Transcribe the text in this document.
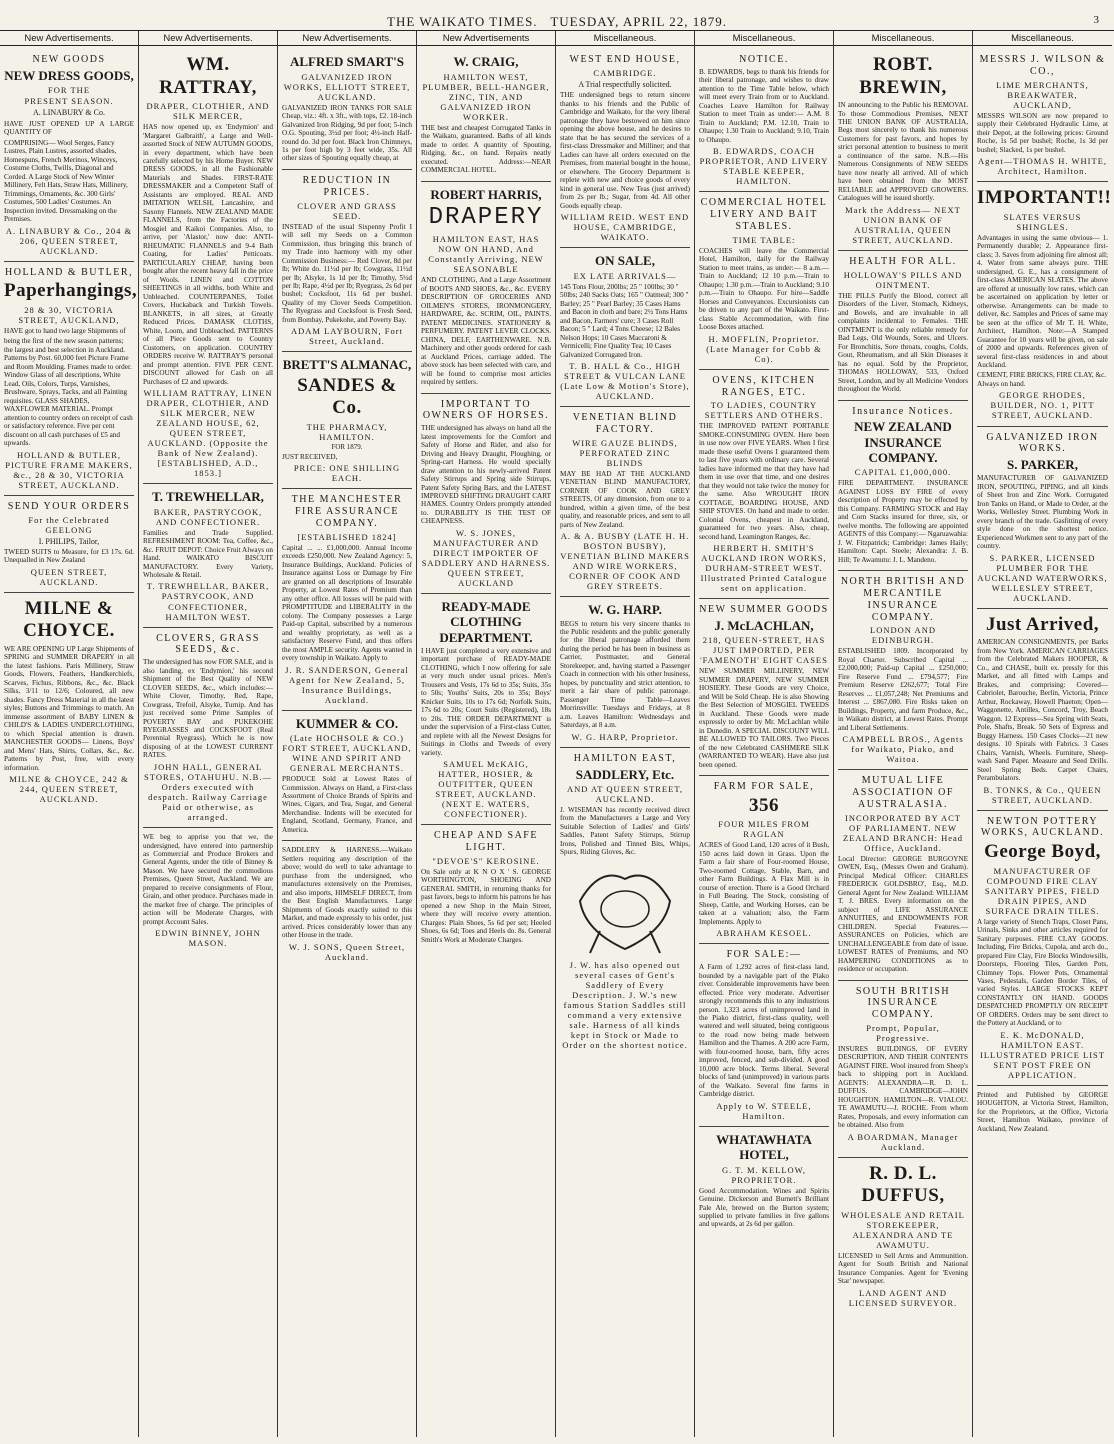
THE WAIKATO TIMES.
TUESDAY, APRIL 22, 1879.	3
New Advertisements.
NEW GOODS
NEW DRESS GOODS,
FOR THE
PRESENT SEASON.
A. LINABURY & Co.
HAVE JUST OPENED UP A LARGE QUANTITY OF
COMPRISING— Wool Serges, Fancy Lustres, Plain Lustres, assorted shades, Homespuns, French Merinos, Winceys, Costume Cloths, Twills, Diagonal and Corded. A Large Stock of New Winter Millinery, Felt Hats, Straw Hats, Millinery, Trimmings, Ornaments, &c. 300 Girls' Costumes, 500 Ladies' Costumes. An Inspection invited. Dressmaking on the Premises.
A. LINABURY & Co., 204 & 206, QUEEN STREET, AUCKLAND.
HOLLAND & BUTLER,
Paperhangings,
28 & 30, VICTORIA STREET, AUCKLAND,
HAVE got to hand two large Shipments of
being the first of the new season patterns; the largest and best selection in Auckland. Patterns by Post. 60,000 feet Picture Frame and Room Moulding. Frames made to order. Window Glass of all descriptions, White Lead, Oils, Colors, Turps, Varnishes, Brushware, Sprays, Tacks, and all Painting requisites. GLASS SHADES, WAXFLOWER MATERIAL. Prompt attention to country orders on receipt of cash or satisfactory reference. Five per cent discount on all cash purchases of £5 and upwards.
HOLLAND & BUTLER, PICTURE FRAME MAKERS, &c., 28 & 30, VICTORIA STREET, AUCKLAND.
SEND YOUR ORDERS
For the Celebrated GEELONG
I. PHILIPS, Tailor,
TWEED SUITS to Measure, for £3 17s. 6d. Unequalled in New Zealand
QUEEN STREET, AUCKLAND.
MILNE & CHOYCE.
WE ARE OPENING UP Large Shipments of SPRING and SUMMER DRAPERY in all the latest fashions. Paris Millinery, Straw Goods, Flowers, Feathers, Handkerchiefs, Scarves, Fichus, Ribbons, &c., &c. Black Silks, 3/11 to 12/6; Coloured, all new shades. Fancy Dress Material in all the latest styles; Buttons and Trimmings to match. An immense assortment of BABY LINEN & CHILD'S & LADIES UNDERCLOTHING, to which Special attention is drawn. MANCHESTER GOODS— Linens, Boys' and Mens' Hats, Shirts, Collars, &c., &c. Patterns by Post, free, with every information.
MILNE & CHOYCE, 242 & 244, QUEEN STREET, AUCKLAND.
New Advertisements.
WM. RATTRAY,
DRAPER, CLOTHIER, AND SILK MERCER,
HAS now opened up, ex 'Endymion' and 'Margaret Galbraith', a Large and Well-assorted Stock of NEW AUTUMN GOODS, in every department, which have been carefully selected by his Home Buyer. NEW DRESS GOODS, in all the Fashionable Materials and Shades. FIRST-RATE DRESSMAKER and a Competent Staff of Assistants are employed. REAL AND IMITATION WELSH, Lancashire, and Saxony Flannels. NEW ZEALAND MADE FLANNELS, from the Factories of the Mosgiel and Kaikoi Companies. Also, to arrive, per 'Alastor,' now due: ANTI-RHEUMATIC FLANNELS and 9-4 Bath Coating, for Ladies' Petticoats. PARTICULARLY CHEAP, having been bought after the recent heavy fall in the price of Wools. LINEN and COTTON SHEETINGS in all widths, both White and Unbleached. COUNTERPANES, Toilet Covers, Huckaback and Turkish Towels. BLANKETS, in all sizes, at Greatly Reduced Prices. DAMASK CLOTHS, White, Loom, and Unbleached. PATTERNS of all Piece Goods sent to Country Customers, on application. COUNTRY ORDERS receive W. RATTRAY'S personal and prompt attention. FIVE PER CENT. DISCOUNT allowed for Cash on all Purchases of £2 and upwards.
WILLIAM RATTRAY, LINEN DRAPER, CLOTHIER, AND SILK MERCER, NEW ZEALAND HOUSE, 62, QUEEN STREET, AUCKLAND. (Opposite the Bank of New Zealand). [ESTABLISHED, A.D., 1853.]
T. TREWHELLAR,
BAKER, PASTRYCOOK, AND CONFECTIONER.
Families and Trade Supplied. REFRESHMENT ROOM: Tea, Coffee, &c., &c. FRUIT DEPOT: Choice Fruit Always on Hand. WAIKATO BISCUIT MANUFACTORY. Every Variety, Wholesale & Retail.
T. TREWHELLAR, BAKER, PASTRYCOOK, AND CONFECTIONER, HAMILTON WEST.
CLOVERS, GRASS SEEDS, &c.
The undersigned has now FOR SALE, and is also landing, ex 'Endymion,' his second Shipment of the Best Quality of NEW CLOVER SEEDS, &c., which includes:— White Clover, Timothy, Red, Rape, Cowgrass, Trefoil, Alsyke, Turnip. And has just received some Prime Samples of POVERTY BAY and PUKEKOHE RYEGRASSES and COCKSFOOT (Real Perennial Ryegrass), Which he is now disposing of at the LOWEST CURRENT RATES.
JOHN HALL, GENERAL STORES, OTAHUHU. N.B.—Orders executed with despatch. Railway Carriage Paid or otherwise, as arranged.
WE beg to apprise you that we, the undersigned, have entered into partnership as Commercial and Produce Brokers and General Agents, under the title of Binney & Mason. We have secured the commodious Premises, Queen Street, Auckland. We are prepared to receive consignments of Flour, Grain, and other produce. Purchases made in the market free of charge. The principles of action will be Moderate Charges, with prompt Account Sales.
EDWIN BINNEY, JOHN MASON.
New Advertisements.
ALFRED SMART'S
GALVANIZED IRON WORKS, ELLIOTT STREET, AUCKLAND.
GALVANIZED IRON TANKS FOR SALE Cheap, viz.: 4ft. x 3ft., with tops, £2. 18-inch Galvanized Iron Ridging, 9d per foot; 5-inch O.G. Spouting, 3½d per foot; 4½-inch Half-round do. 3d per foot. Black Iron Chimneys, 1s per foot high by 3 feet wide, 35s. All other sizes of Spouting equally cheap, at
REDUCTION IN PRICES.
CLOVER AND GRASS SEED.
INSTEAD of the usual Sixpenny Profit I will sell my Seeds on a Common Commission, thus bringing this branch of my Trade into harmony with my other Commission Business:— Red Clover, 8d per lb; White do. 11½d per lb; Cowgrass, 11½d per lb; Alsyke, 1s 1d per lb; Timothy, 5½d per lb; Rape, 4½d per lb; Ryegrass, 2s 6d per bushel; Cocksfoot, 11s 6d per bushel. Quality of my Clover Seeds Competition. The Ryegrass and Cocksfoot is Fresh Seed, from Bombay, Pukekohe, and Poverty Bay.
ADAM LAYBOURN, Fort Street, Auckland.
BRETT'S ALMANAC,
SANDES & Co.
THE PHARMACY, HAMILTON.
FOR 1879.
JUST RECEIVED,
PRICE: ONE SHILLING EACH.
THE MANCHESTER FIRE ASSURANCE COMPANY.
[ESTABLISHED 1824]
Capital ... ... £1,000,000. Annual Income exceeds £250,000. New Zealand Agency: 5, Insurance Buildings, Auckland. Policies of Insurance against Loss or Damage by Fire are granted on all descriptions of Insurable Property, at Lowest Rates of Premium than any other office. All losses will be paid with PROMPTITUDE and LIBERALITY in the colony. The Company possesses a Large Paid-up Capital, subscribed by a numerous and wealthy proprietary, as well as a satisfactory Reserve Fund, and thus offers the most AMPLE security. Agents wanted in every township in Waikato. Apply to
J. R. SANDERSON, General Agent for New Zealand, 5, Insurance Buildings, Auckland.
KUMMER & CO.
(Late HOCHSOLE & CO.) FORT STREET, AUCKLAND, WINE AND SPIRIT AND GENERAL MERCHANTS.
PRODUCE Sold at Lowest Rates of Commission. Always on Hand, a First-class Assortment of Choice Brands of Spirits and Wines, Cigars, and Tea, Sugar, and General Merchandise. Indents will be executed for England, Scotland, Germany, France, and America.
SADDLERY & HARNESS.—Waikato Settlers requiring any description of the above; would do well to take advantage to purchase from the undersigned, who manufactures extensively on the Premises, and also imports, HIMSELF DIRECT, from the Best English Manufacturers. Large Shipments of Goods exactly suited to this Market, and made expressly to his order, just arrived. Prices considerably lower than any other House in the trade.
W. J. SONS, Queen Street, Auckland.
New Advertisements
W. CRAIG,
HAMILTON WEST, PLUMBER, BELL-HANGER, ZINC, TIN, AND GALVANIZED IRON WORKER.
THE best and cheapest Corrugated Tanks in the Waikato, guaranteed. Baths of all kinds made to order. A quantity of Spouting, Ridging, &c., on hand. Repairs neatly executed. Address:—NEAR COMMERCIAL HOTEL.
ROBERT HARRIS,
DRAPERY
HAMILTON EAST, HAS NOW ON HAND, And Constantly Arriving, NEW SEASONABLE
AND CLOTHING, And a Large Assortment of BOOTS AND SHOES, &c., &c. EVERY DESCRIPTION OF GROCERIES AND OILMEN'S STORES, IRONMONGERY, HARDWARE, &c. SCRIM, OIL, PAINTS. PATENT MEDICINES. STATIONERY & PERFUMERY. PATENT LEVER CLOCKS. CHINA, DELF, EARTHENWARE. N.B. Machinery and other goods ordered for cash at Auckland Prices, carriage added. The above stock has been selected with care, and will be found to comprise most articles required by settlers.
IMPORTANT TO OWNERS OF HORSES.
THE undersigned has always on hand all the latest improvements for the Comfort and Safety of Horse and Rider, and also for Driving and Heavy Draught, Ploughing, or Spring-cart Harness. He would specially draw attention to his newly-arrived Patent Safety Stirrups and Spring side Stirrups, Patent Safety Spring Bars, and the LATEST IMPROVED SHIFTING DRAUGHT CART HAMES. Country Orders promptly attended to. DURABILITY IS THE TEST OF CHEAPNESS.
W. S. JONES, MANUFACTURER AND DIRECT IMPORTER OF SADDLERY AND HARNESS. QUEEN STREET, AUCKLAND
READY-MADE CLOTHING DEPARTMENT.
I HAVE just completed a very extensive and important purchase of READY-MADE CLOTHING, which I now offering for sale at very much under usual prices. Men's Trousers and Vests, 17s 6d to 35s; Suits, 35s to 50s; Youths' Suits, 20s to 35s; Boys' Knicker Suits, 10s to 17s 6d; Norfolk Suits, 17s 6d to 20s; Court Suits (Registered), 18s to 20s. THE ORDER DEPARTMENT is under the supervision of a First-class Cutter, and replete with all the Newest Designs for Suitings in Cloths and Tweeds of every variety.
SAMUEL McKAIG, HATTER, HOSIER, & OUTFITTER, QUEEN STREET, AUCKLAND. (NEXT E. WATERS, CONFECTIONER).
CHEAP AND SAFE LIGHT.
"DEVOE'S" KEROSINE.
On Sale only at K N O X ' S. GEORGE WORTHINGTON, SHOEING AND GENERAL SMITH, in returning thanks for past favors, begs to inform his patrons he has opened a new Shop in the Main Street, where they will receive every attention. Charges: Plain Shoes, 5s 6d per set; Heeled Shoes, 6s 6d; Toes and Heels do. 8s. General Smith's Work at Moderate Charges.
Miscellaneous.
WEST END HOUSE,
CAMBRIDGE.
A Trial respectfully solicited.
THE undersigned begs to return sincere thanks to his friends and the Public of Cambridge and Waikato, for the very liberal patronage they have bestowed on him since opening the above house, and he desires to state that he has secured the services of a first-class Dressmaker and Milliner; and that Ladies can have all orders executed on the Premises, from material bought in the house, or elsewhere. The Grocery Department is replete with new and choice goods of every kind in general use. New Teas (just arrived) from 2s per lb.; Sugar, from 4d. All other Goods equally cheap.
WILLIAM REID. WEST END HOUSE, CAMBRIDGE, WAIKATO.
ON SALE,
EX LATE ARRIVALS—
145 Tons Flour, 200lbs; 25 " 100lbs; 30 " 50lbs; 240 Sacks Oats; 165 " Oatmeal; 300 " Barley; 25 " Pearl Barley; 35 Cases Hams and Bacon in cloth and bare; 2½ Tons Hams and Bacon, Farmers' cure; 3 Cases Roll Bacon; 5 " Lard; 4 Tons Cheese; 12 Bales Nelson Hops; 10 Cases Maccaroni & Vermicelli; Fine Quality Tea; 10 Cases Galvanized Corrugated Iron.
T. B. HALL & Co., HIGH STREET & VULCAN LANE (Late Low & Motion's Store), AUCKLAND.
VENETIAN BLIND FACTORY.
WIRE GAUZE BLINDS, PERFORATED ZINC BLINDS
MAY BE HAD AT THE AUCKLAND VENETIAN BLIND MANUFACTORY, CORNER OF COOK AND GREY STREETS, Of any dimension, from one to a hundred, within a given time, of the best quality, and reasonable prices, and sent to all parts of New Zealand.
A. & A. BUSBY (LATE H. H. BOSTON BUSBY), VENETIAN BLIND MAKERS AND WIRE WORKERS, CORNER OF COOK AND GREY STREETS.
W. G. HARP.
BEGS to return his very sincere thanks to the Public residents and the public generally for the liberal patronage afforded them during the period he has been in business as Carrier, Postmaster, and General Storekeeper, and, having started a Passenger Coach in connection with his other business, hopes, by punctuality and strict attention, to merit a fair share of public patronage. Passenger Time Table—Leaves Morrinsville: Tuesdays and Fridays, at 8 a.m. Leaves Hamilton: Wednesdays and Saturdays, at 8 a.m.
W. G. HARP, Proprietor.
HAMILTON EAST,
SADDLERY, Etc.
AND AT QUEEN STREET, AUCKLAND.
J. WISEMAN has recently received direct from the Manufacturers a Large and Very Suitable Selection of Ladies' and Girls' Saddles, Patent Safety Stirrups, Stirrup Irons, Polished and Tinned Bits, Whips, Spurs, Riding Gloves, &c.
J. W. has also opened out several cases of Gent's Saddlery of Every Description. J. W.'s new famous Station Saddles still command a very extensive sale. Harness of all kinds kept in Stock or Made to Order on the shortest notice.
Miscellaneous.
NOTICE.
B. EDWARDS, begs to thank his friends for their liberal patronage, and wishes to draw attention to the Time Table below, which will meet every Train from or to Auckland. Coaches Leave Hamilton for Railway Station to meet Train as under:— A.M. 8 Train to Auckland; P.M. 12.10, Train to Ohaupo; 1.30 Train to Auckland; 9.10, Train to Ohaupo.
B. EDWARDS, COACH PROPRIETOR, AND LIVERY STABLE KEEPER, HAMILTON.
COMMERCIAL HOTEL LIVERY AND BAIT STABLES.
TIME TABLE:
COACHES will leave the Commercial Hotel, Hamilton, daily for the Railway Station to meet trains, as under:— 8 a.m.—Train to Auckland; 12 10 p.m.—Train to Ohaupo; 1.30 p.m.—Train to Auckland; 9.10 p.m.—Train to Ohaupo. For hire—Saddle Horses and Conveyances. Excursionists can be driven to any part of the Waikato. First-class Stable Accommodation, with fine Loose Boxes attached.
H. MOFFLIN, Proprietor. (Late Manager for Cobb & Co).
OVENS, KITCHEN RANGES, ETC.
TO LADIES, COUNTRY SETTLERS AND OTHERS.
THE IMPROVED PATENT PORTABLE SMOKE-CONSUMING OVEN. Here been in use now over FIVE YEARS. When I first made these useful Ovens I guaranteed them to last five years with ordinary care. Several ladies have informed me that they have had them in use over that time, and one desires that they would not take twice the money for the same. Also WROUGHT IRON COTTAGE, BOARDING HOUSE, AND SHIP STOVES. On hand and made to order. Colonial Ovens, cheapest in Auckland, guaranteed for two years. Also, cheap, second hand, Leamington Ranges, &c.
HERBERT H. SMITH'S AUCKLAND IRON WORKS, DURHAM-STREET WEST. Illustrated Printed Catalogue sent on application.
NEW SUMMER GOODS
J. McLACHLAN,
218, QUEEN-STREET, HAS JUST IMPORTED, PER 'FAMENOTH' EIGHT CASES
NEW SUMMER MILLINERY, NEW SUMMER DRAPERY, NEW SUMMER HOSIERY. These Goods are very Choice, and Will be Sold Cheap. He is also Showing the Best Selection of MOSGIEL TWEEDS in Auckland. These Goods were made expressly to order by Mr. McLachlan while in Dunedin. A SPECIAL DISCOUNT WILL BE ALLOWED TO TAILORS. Two Pieces of the new Celebrated CASHMERE SILK (WARRANTED TO WEAR). Have also just been opened.
FARM FOR SALE,
356
FOUR MILES FROM RAGLAN
ACRES of Good Land, 120 acres of it Bush, 150 acres laid down in Grass. Upon the Farm a fair share of Four-roomed House, Two-roomed Cottage, Stable, Barn, and other Farm Buildings. A Flax Mill is in course of erection. There is a Good Orchard in Full Bearing. The Stock, consisting of Sheep, Cattle, and Working Horses, can be taken at a valuation; also, the Farm Implements. Apply to
ABRAHAM KESOEL.
FOR SALE:—
A Farm of 1,292 acres of first-class land, bounded by a navigable part of the Piako river. Considerable improvements have been effected. Price very moderate. Advertiser strongly recommends this to any industrious person. 1,323 acres of unimproved land in the Piako district, first-class quality, well watered and well situated, being contiguous to the road now being made between Hamilton and the Thames. A 200 acre Farm, with four-roomed house, barn, fifty acres improved, fenced, and sub-divided. A good 10,000 acre block. Terms liberal. Several blocks of land (unimproved) in various parts of the Waikato. Several fine farms in Cambridge district.
Apply to W. STEELE, Hamilton.
WHATAWHATA HOTEL,
G. T. M. KELLOW, PROPRIETOR.
Good Accommodation. Wines and Spirits Genuine. Dickerson and Burnett's Brilliant Pale Ale, brewed on the Burton system; supplied to private families in five gallons and upwards, at 2s 6d per gallon.
Miscellaneous.
ROBT. BREWIN,
IN announcing to the Public his REMOVAL To those Commodious Premises, NEXT THE UNION BANK OF AUSTRALIA, Begs most sincerely to thank his numerous Customers for past favors, and hopes by strict personal attention to business to merit a continuance of the same. N.B.—His Numerous Consignments of NEW SEEDS have now nearly all arrived. All of which have been obtained from the MOST RELIABLE and APPROVED GROWERS. Catalogues will be issued shortly.
Mark the Address— NEXT UNION BANK OF AUSTRALIA, QUEEN STREET, AUCKLAND.
HEALTH FOR ALL.
HOLLOWAY'S PILLS AND OINTMENT.
THE PILLS Purify the Blood, correct all Disorders of the Liver, Stomach, Kidneys, and Bowels, and are invaluable in all complaints incidental to Females. THE OINTMENT is the only reliable remedy for Bad Legs, Old Wounds, Sores, and Ulcers. For Bronchitis, Sore throats, coughs, Colds, Gout, Rheumatism, and all Skin Diseases it has no equal. Sold by the Proprietor, THOMAS HOLLOWAY, 533, Oxford Street, London, and by all Medicine Vendors throughout the World.
Insurance Notices.
NEW ZEALAND INSURANCE COMPANY.
CAPITAL £1,000,000.
FIRE DEPARTMENT. INSURANCE AGAINST LOSS BY FIRE of every description of Property may be effected by this Company. FARMING STOCK and Hay and Corn Stacks insured for three, six, or twelve months. The following are appointed AGENTS of this Company:— Ngaruawahia: J. W. Fitzpatrick; Cambridge: James Haily; Hamilton: Capt. Steele; Alexandra: J. B. Hill; Te Awamutu: J. L. Mandeno.
NORTH BRITISH AND MERCANTILE INSURANCE COMPANY.
LONDON AND EDINBURGH.
ESTABLISHED 1809. Incorporated by Royal Charter. Subscribed Capital ... £2,000,000; Paid-up Capital ... £250,000; Fire Reserve Fund ... £794,577; Fire Premium Reserve £262,677; Total Fire Reserves ... £1,057,248; Net Premiums and Interest ... £867,080. Fire Risks taken on Buildings, Property, and farm Produce, &c., in Waikato district, at Lowest Rates. Prompt and Liberal Settlements.
CAMPBELL BROS., Agents for Waikato, Piako, and Waitoa.
MUTUAL LIFE ASSOCIATION OF AUSTRALASIA.
INCORPORATED BY ACT OF PARLIAMENT. NEW ZEALAND BRANCH: Head Office, Auckland.
Local Director: GEORGE BURGOYNE OWEN, Esq., (Messrs Owen and Graham). Principal Medical Officer: CHARLES FREDERICK GOLDSBRO', Esq., M.D. General Agent for New Zealand: WILLIAM T. J. BRES. Every information on the subject of LIFE ASSURANCE ANNUITIES, and ENDOWMENTS FOR CHILDREN. Special Features.—ASSURANCES on Policies, which are UNCHALLENGEABLE from date of issue. LOWEST RATES of Premiums, and NO HAMPERING CONDITIONS as to residence or occupation.
SOUTH BRITISH INSURANCE COMPANY.
Prompt, Popular, Progressive.
INSURES BUILDINGS, OF EVERY DESCRIPTION, AND THEIR CONTENTS AGAINST FIRE. Wool insured from Sheep's back to shipping port in Auckland. AGENTS: ALEXANDRA—R. D. L. DUFFUS. CAMBRIDGE—JOHN HOUGHTON. HAMILTON—R. VIALOU. TE AWAMUTU—J. ROCHE. From whom Rates, Proposals, and every information can be obtained. Also from
A BOARDMAN, Manager Auckland.
R. D. L. DUFFUS,
WHOLESALE AND RETAIL STOREKEEPER, ALEXANDRA AND TE AWAMUTU.
LICENSED to Sell Arms and Ammunition. Agent for South British and National Insurance Companies. Agent for 'Evening Star' newspaper.
LAND AGENT AND LICENSED SURVEYOR.
Miscellaneous.
MESSRS J. WILSON & CO.,
LIME MERCHANTS, BREAKWATER, AUCKLAND,
MESSRS WILSON are now prepared to supply their Celebrated Hydraulic Lime, at their Depot, at the following prices: Ground Roche, 1s 5d per bushel; Roche, 1s 3d per bushel; Slacked, 1s per bushel.
Agent—THOMAS H. WHITE, Architect, Hamilton.
IMPORTANT!!
SLATES VERSUS SHINGLES.
Advantages in using the same obvious— 1. Permanently durable; 2. Appearance first-class; 3. Saves from adjoining fire almost all; 4. Water from same always pure. THE undersigned, G. E., has a consignment of first-class AMERICAN SLATES. The above are offered at unusually low rates, which can be ascertained on application by letter or otherwise. Arrangements can be made to deliver, &c. Samples and Prices of same may be seen at the office of Mr T. H. White, Architect, Hamilton. Note:—A Stamped Guarantee for 10 years will be given, on sale of 2000 and upwards. References given of several first-class residences in and about Auckland.
CEMENT, FIRE BRICKS, FIRE CLAY, &c. Always on hand.
GEORGE RHODES, BUILDER, NO. 1, PITT STREET, AUCKLAND.
GALVANIZED IRON WORKS.
S. PARKER,
MANUFACTURER OF GALVANIZED IRON, SPOUTING, PIPING, and all kinds of Sheet Iron and Zinc Work. Corrugated Iron Tanks on Hand, or Made to Order, at the Works, Wellesley Street. Plumbing Work in every branch of the trade. Gasfitting of every style done on the shortest notice. Experienced Workmen sent to any part of the country.
S. PARKER, LICENSED PLUMBER FOR THE AUCKLAND WATERWORKS, WELLESLEY STREET, AUCKLAND.
Just Arrived,
AMERICAN CONSIGNMENTS, per Barks from New York. AMERICAN CARRIAGES from the Celebrated Makers HOOPER, & Co., and CHASE, built ex. pressly for this Market, and all fitted with Lamps and Brakes, and comprising: Covered—Cabriolet, Barouche, Berlin, Victoria, Prince Arthur, Rockaway, Howell Phaeton; Open—Waggonette, Antilles, Concord, Troy, Beach Waggon. 12 Express—Sea Spring with Seats, Pole, Shafts, Break. 50 Sets of Express and Buggy Harness. 150 Cases Clocks—21 new designs. 10 Spirals with Fabrics. 3 Cases Chairs, Varnish, Wheels. Furniture, Sheep-wash Sand Paper. Measure and Seed Drills. Steel Spring Beds. Carpet Chairs, Perambulators.
B. TONKS, & Co., QUEEN STREET, AUCKLAND.
NEWTON POTTERY WORKS, AUCKLAND.
George Boyd,
MANUFACTURER OF COMPOUND FIRE CLAY SANITARY PIPES, FIELD DRAIN PIPES, AND SURFACE DRAIN TILES.
A large variety of Stench Traps, Closet Pans, Urinals, Sinks and other articles required for Sanitary purposes. FIRE CLAY GOODS. Including, Fire Bricks, Cupola, and arch do., prepared Fire Clay, Fire Blocks Windowsills, Doorsteps, Flooring Tiles, Garden Pots, Chimney Tops. Flower Pots, Ornamental Vases, Pedestals, Garden Border Tiles, of varied Styles. LARGE STOCKS KEPT CONSTANTLY ON HAND. GOODS DESPATCHED PROMPTLY ON RECEIPT OF ORDERS. Orders may be sent direct to the Pottery at Auckland, or to
E. K. McDONALD, HAMILTON EAST. ILLUSTRATED PRICE LIST SENT POST FREE ON APPLICATION.
Printed and Published by GEORGE HOUGHTON, at Victoria Street, Hamilton, for the Proprietors, at the Office, Victoria Street, Hamilton Waikato, province of Auckland, New Zealand.
